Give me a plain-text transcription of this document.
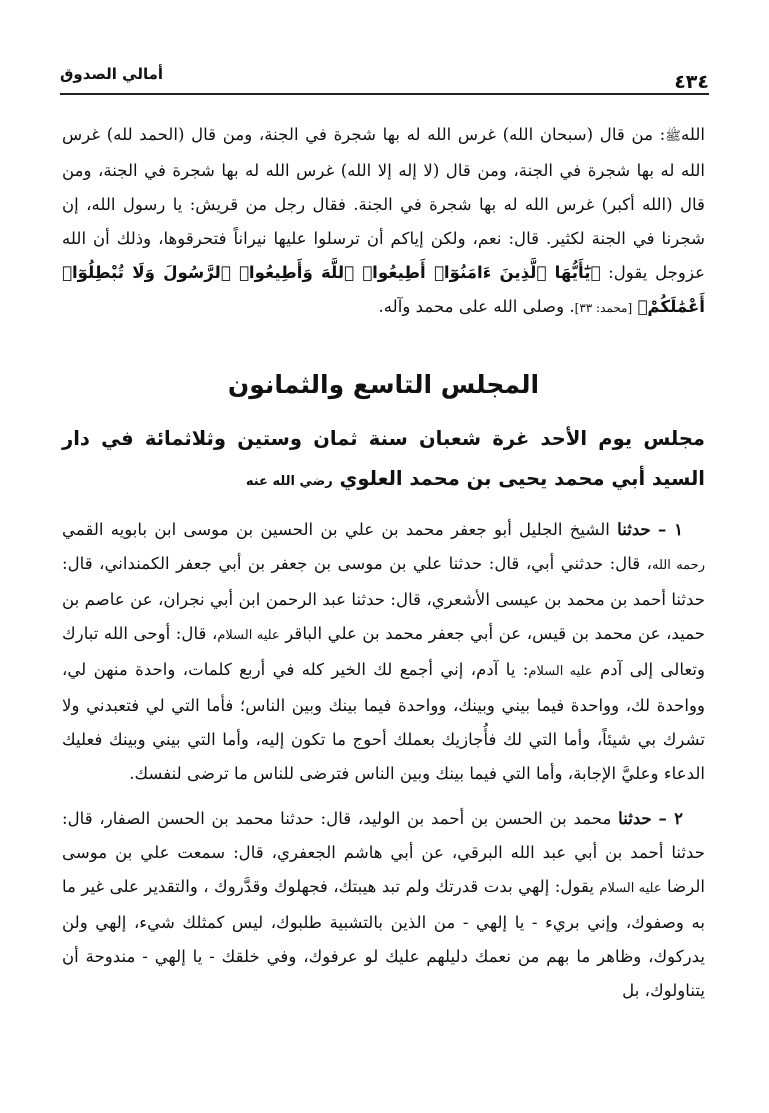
أمالي الصدوق	٤٣٤

اللهﷺ: من قال (سبحان الله) غرس الله له بها شجرة في الجنة، ومن قال (الحمد لله) غرس الله له بها شجرة في الجنة، ومن قال (لا إله إلا الله) غرس الله له بها شجرة في الجنة، ومن قال (الله أكبر) غرس الله له بها شجرة في الجنة. فقال رجل من قريش: يا رسول الله، إن شجرنا في الجنة لكثير. قال: نعم، ولكن إياكم أن ترسلوا عليها نيراناً فتحرقوها، وذلك أن الله عزوجل يقول: ﴿يَٰٓأَيُّهَا ٱلَّذِينَ ءَامَنُوٓا۟ أَطِيعُوا۟ ٱللَّهَ وَأَطِيعُوا۟ ٱلرَّسُولَ وَلَا تُبْطِلُوٓا۟ أَعْمَٰلَكُمْ﴾ [محمد: ٣٣]. وصلى الله على محمد وآله.

المجلس التاسع والثمانون
مجلس يوم الأحد غرة شعبان سنة ثمان وستين وثلاثمائة في دار السيد أبي محمد يحيى بن محمد العلوي رضي الله عنه

١ – حدثنا الشيخ الجليل أبو جعفر محمد بن علي بن الحسين بن موسى ابن بابويه القمي رحمه الله، قال: حدثني أبي، قال: حدثنا علي بن موسى بن جعفر بن أبي جعفر الكمنداني، قال: حدثنا أحمد بن محمد بن عيسى الأشعري، قال: حدثنا عبد الرحمن ابن أبي نجران، عن عاصم بن حميد، عن محمد بن قيس، عن أبي جعفر محمد بن علي الباقر عليه السلام، قال: أوحى الله تبارك وتعالى إلى آدم عليه السلام: يا آدم، إني أجمع لك الخير كله في أربع كلمات، واحدة منهن لي، وواحدة لك، وواحدة فيما بيني وبينك، وواحدة فيما بينك وبين الناس؛ فأما التي لي فتعبدني ولا تشرك بي شيئاً، وأما التي لك فأُجازيك بعملك أحوج ما تكون إليه، وأما التي بيني وبينك فعليك الدعاء وعليَّ الإجابة، وأما التي فيما بينك وبين الناس فترضى للناس ما ترضى لنفسك.

٢ – حدثنا محمد بن الحسن بن أحمد بن الوليد، قال: حدثنا محمد بن الحسن الصفار، قال: حدثنا أحمد بن أبي عبد الله البرقي، عن أبي هاشم الجعفري، قال: سمعت علي بن موسى الرضا عليه السلام يقول: إلهي بدت قدرتك ولم تبد هيبتك، فجهلوك وقدَّروك ، والتقدير على غير ما به وصفوك، وإني بريء - يا إلهي - من الذين بالتشبية طلبوك، ليس كمثلك شيء، إلهي ولن يدركوك، وظاهر ما بهم من نعمك دليلهم عليك لو عرفوك، وفي خلقك - يا إلهي - مندوحة أن يتناولوك، بل
